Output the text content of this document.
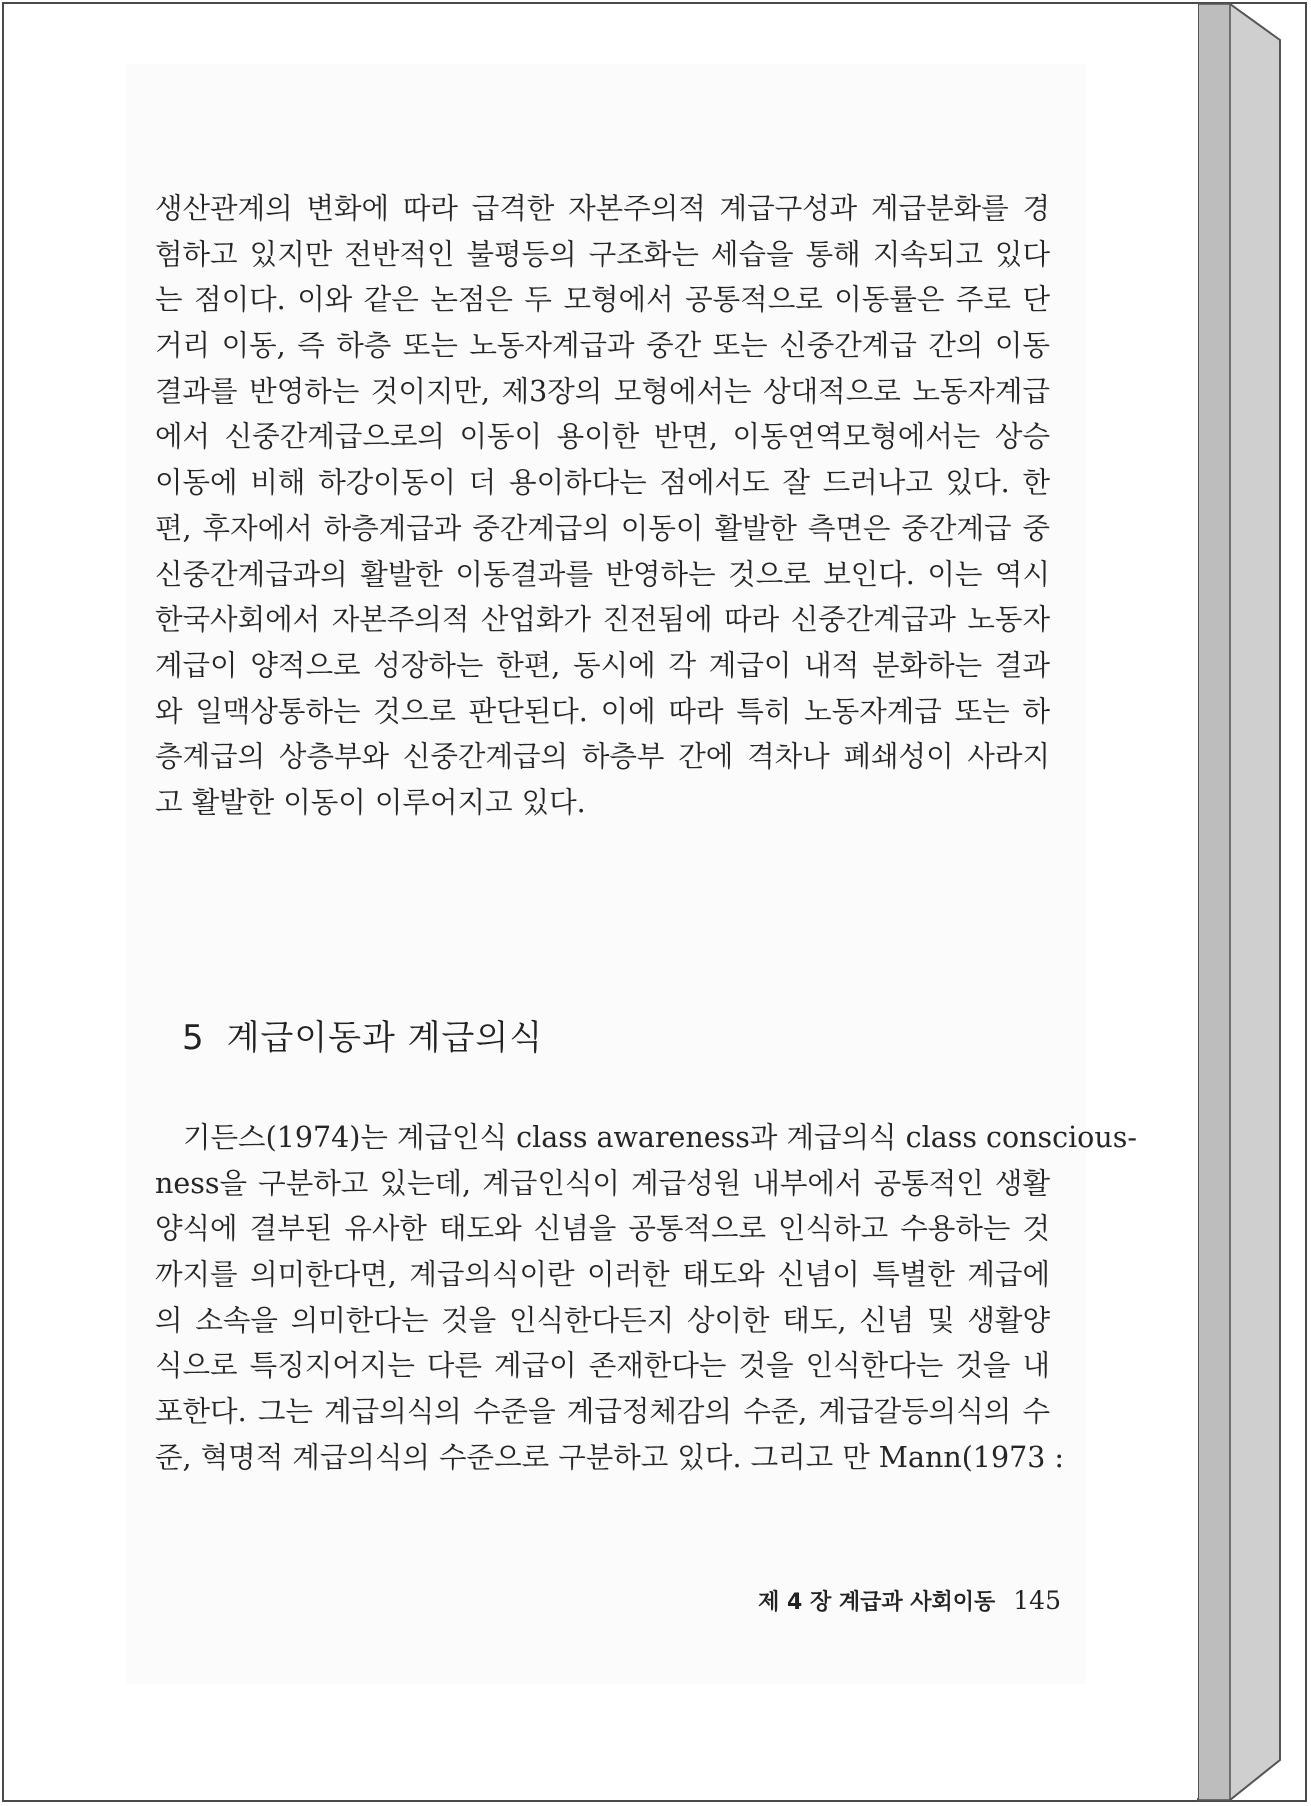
생산관계의 변화에 따라 급격한 자본주의적 계급구성과 계급분화를 경
험하고 있지만 전반적인 불평등의 구조화는 세습을 통해 지속되고 있다
는 점이다. 이와 같은 논점은 두 모형에서 공통적으로 이동률은 주로 단
거리 이동, 즉 하층 또는 노동자계급과 중간 또는 신중간계급 간의 이동
결과를 반영하는 것이지만, 제3장의 모형에서는 상대적으로 노동자계급
에서 신중간계급으로의 이동이 용이한 반면, 이동연역모형에서는 상승
이동에 비해 하강이동이 더 용이하다는 점에서도 잘 드러나고 있다. 한
편, 후자에서 하층계급과 중간계급의 이동이 활발한 측면은 중간계급 중
신중간계급과의 활발한 이동결과를 반영하는 것으로 보인다. 이는 역시
한국사회에서 자본주의적 산업화가 진전됨에 따라 신중간계급과 노동자
계급이 양적으로 성장하는 한편, 동시에 각 계급이 내적 분화하는 결과
와 일맥상통하는 것으로 판단된다. 이에 따라 특히 노동자계급 또는 하
층계급의 상층부와 신중간계급의 하층부 간에 격차나 폐쇄성이 사라지
고 활발한 이동이 이루어지고 있다.
5 계급이동과 계급의식
기든스(1974)는 계급인식 class awareness과 계급의식 class conscious-
ness을 구분하고 있는데, 계급인식이 계급성원 내부에서 공통적인 생활
양식에 결부된 유사한 태도와 신념을 공통적으로 인식하고 수용하는 것
까지를 의미한다면, 계급의식이란 이러한 태도와 신념이 특별한 계급에
의 소속을 의미한다는 것을 인식한다든지 상이한 태도, 신념 및 생활양
식으로 특징지어지는 다른 계급이 존재한다는 것을 인식한다는 것을 내
포한다. 그는 계급의식의 수준을 계급정체감의 수준, 계급갈등의식의 수
준, 혁명적 계급의식의 수준으로 구분하고 있다. 그리고 만 Mann(1973 :
제 4 장 계급과 사회이동 145
